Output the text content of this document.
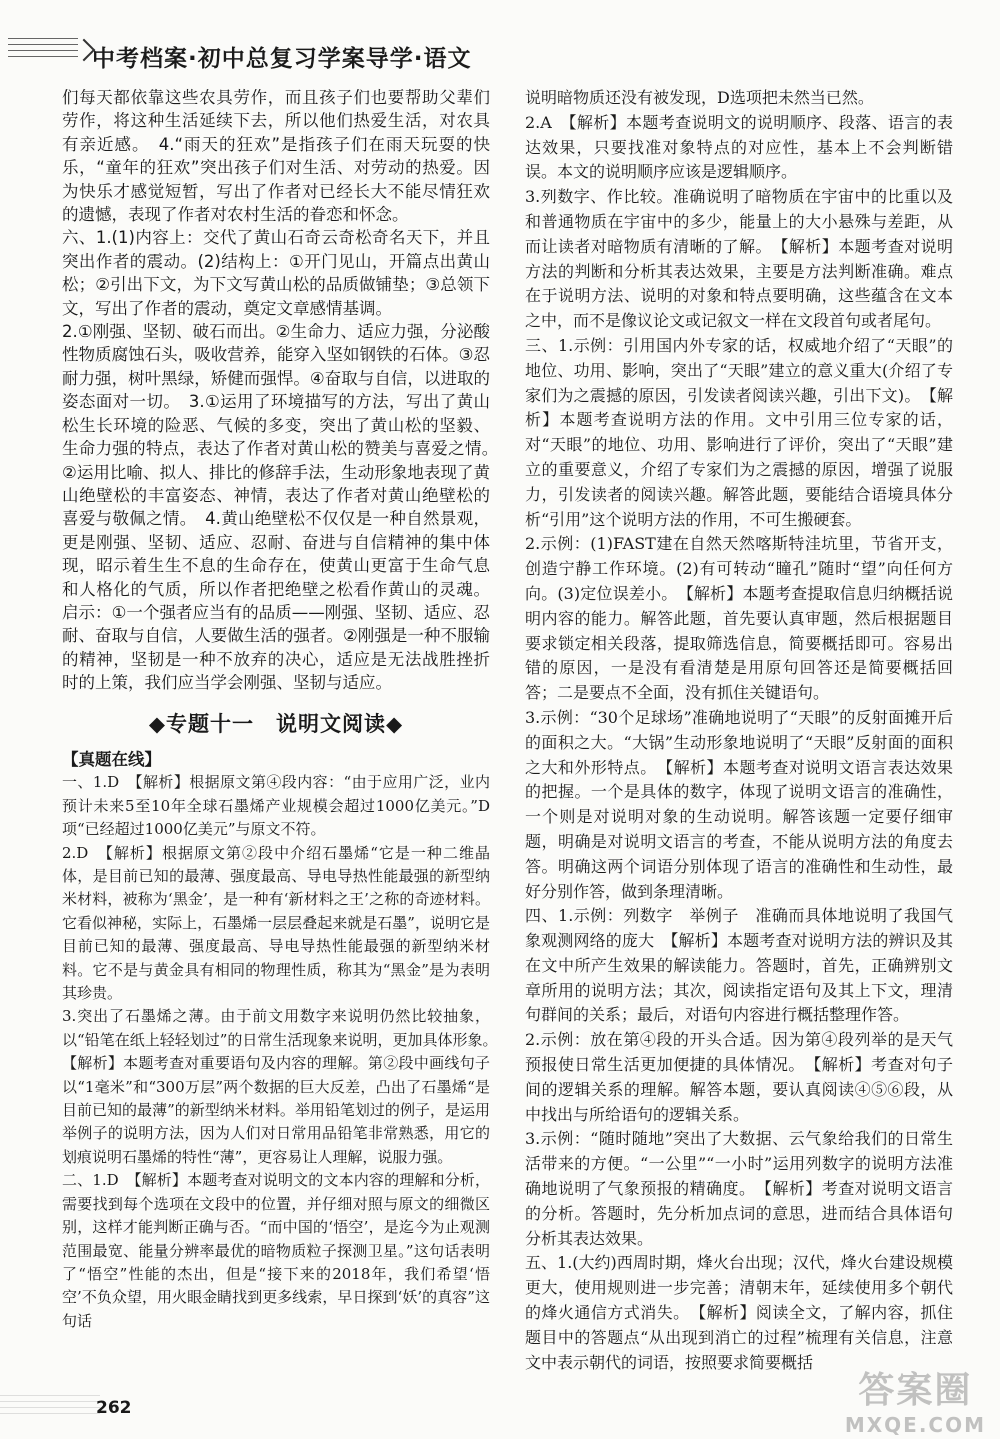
中考档案·初中总复习学案导学·语文

们每天都依靠这些农具劳作，而且孩子们也要帮助父辈们劳作，将这种生活延续下去，所以他们热爱生活，对农具有亲近感。　4.“雨天的狂欢”是指孩子们在雨天玩耍的快乐，“童年的狂欢”突出孩子们对生活、对劳动的热爱。因为快乐才感觉短暂，写出了作者对已经长大不能尽情狂欢的遗憾，表现了作者对农村生活的眷恋和怀念。

六、1.(1)内容上：交代了黄山石奇云奇松奇名天下，并且突出作者的震动。(2)结构上：①开门见山，开篇点出黄山松；②引出下文，为下文写黄山松的品质做铺垫；③总领下文，写出了作者的震动，奠定文章感情基调。

2.①刚强、坚韧、破石而出。②生命力、适应力强，分泌酸性物质腐蚀石头，吸收营养，能穿入坚如钢铁的石体。③忍耐力强，树叶黑绿，矫健而强悍。④奋取与自信，以进取的姿态面对一切。　3.①运用了环境描写的方法，写出了黄山松生长环境的险恶、气候的多变，突出了黄山松的坚毅、生命力强的特点，表达了作者对黄山松的赞美与喜爱之情。　②运用比喻、拟人、排比的修辞手法，生动形象地表现了黄山绝壁松的丰富姿态、神情，表达了作者对黄山绝壁松的喜爱与敬佩之情。　4.黄山绝壁松不仅仅是一种自然景观，更是刚强、坚韧、适应、忍耐、奋进与自信精神的集中体现，昭示着生生不息的生命存在，使黄山更富于生命气息和人格化的气质，所以作者把绝壁之松看作黄山的灵魂。启示：①一个强者应当有的品质——刚强、坚韧、适应、忍耐、奋取与自信，人要做生活的强者。②刚强是一种不服输的精神，坚韧是一种不放弃的决心，适应是无法战胜挫折时的上策，我们应当学会刚强、坚韧与适应。

◆专题十一　说明文阅读◆

【真题在线】

一、1.D　【解析】根据原文第④段内容：“由于应用广泛，业内预计未来5至10年全球石墨烯产业规模会超过1000亿美元。”D项“已经超过1000亿美元”与原文不符。

2.D　【解析】根据原文第②段中介绍石墨烯“它是一种二维晶体，是目前已知的最薄、强度最高、导电导热性能最强的新型纳米材料，被称为‘黑金’，是一种有‘新材料之王’之称的奇迹材料。它看似神秘，实际上，石墨烯一层层叠起来就是石墨”，说明它是目前已知的最薄、强度最高、导电导热性能最强的新型纳米材料。它不是与黄金具有相同的物理性质，称其为“黑金”是为表明其珍贵。

3.突出了石墨烯之薄。由于前文用数字来说明仍然比较抽象，以“铅笔在纸上轻轻划过”的日常生活现象来说明，更加具体形象。　【解析】本题考查对重要语句及内容的理解。第②段中画线句子以“1毫米”和“300万层”两个数据的巨大反差，凸出了石墨烯“是目前已知的最薄”的新型纳米材料。举用铅笔划过的例子，是运用举例子的说明方法，因为人们对日常用品铅笔非常熟悉，用它的划痕说明石墨烯的特性“薄”，更容易让人理解，说服力强。

二、1.D　【解析】本题考查对说明文的文本内容的理解和分析，需要找到每个选项在文段中的位置，并仔细对照与原文的细微区别，这样才能判断正确与否。“而中国的‘悟空’，是迄今为止观测范围最宽、能量分辨率最优的暗物质粒子探测卫星。”这句话表明了“悟空”性能的杰出，但是“接下来的2018年，我们希望‘悟空’不负众望，用火眼金睛找到更多线索，早日探到‘妖’的真容”这句话

说明暗物质还没有被发现，D选项把未然当已然。

2.A　【解析】本题考查说明文的说明顺序、段落、语言的表达效果，只要找准对象特点的对应性，基本上不会判断错误。本文的说明顺序应该是逻辑顺序。

3.列数字、作比较。准确说明了暗物质在宇宙中的比重以及和普通物质在宇宙中的多少，能量上的大小悬殊与差距，从而让读者对暗物质有清晰的了解。　【解析】本题考查对说明方法的判断和分析其表达效果，主要是方法判断准确。难点在于说明方法、说明的对象和特点要明确，这些蕴含在文本之中，而不是像议论文或记叙文一样在文段首句或者尾句。

三、1.示例：引用国内外专家的话，权威地介绍了“天眼”的地位、功用、影响，突出了“天眼”建立的意义重大(介绍了专家们为之震撼的原因，引发读者阅读兴趣，引出下文)。　【解析】本题考查说明方法的作用。文中引用三位专家的话，对“天眼”的地位、功用、影响进行了评价，突出了“天眼”建立的重要意义，介绍了专家们为之震撼的原因，增强了说服力，引发读者的阅读兴趣。解答此题，要能结合语境具体分析“引用”这个说明方法的作用，不可生搬硬套。

2.示例：(1)FAST建在自然天然喀斯特洼坑里，节省开支，创造宁静工作环境。(2)有可转动“瞳孔”随时“望”向任何方向。(3)定位误差小。　【解析】本题考查提取信息归纳概括说明内容的能力。解答此题，首先要认真审题，然后根据题目要求锁定相关段落，提取筛选信息，简要概括即可。容易出错的原因，一是没有看清楚是用原句回答还是简要概括回答；二是要点不全面，没有抓住关键语句。

3.示例：“30个足球场”准确地说明了“天眼”的反射面摊开后的面积之大。“大锅”生动形象地说明了“天眼”反射面的面积之大和外形特点。　【解析】本题考查对说明文语言表达效果的把握。一个是具体的数字，体现了说明文语言的准确性，一个则是对说明对象的生动说明。解答该题一定要仔细审题，明确是对说明文语言的考查，不能从说明方法的角度去答。明确这两个词语分别体现了语言的准确性和生动性，最好分别作答，做到条理清晰。

四、1.示例：列数字　举例子　准确而具体地说明了我国气象观测网络的庞大　【解析】本题考查对说明方法的辨识及其在文中所产生效果的解读能力。答题时，首先，正确辨别文章所用的说明方法；其次，阅读指定语句及其上下文，理清句群间的关系；最后，对语句内容进行概括整理作答。

2.示例：放在第④段的开头合适。因为第④段列举的是天气预报使日常生活更加便捷的具体情况。　【解析】考查对句子间的逻辑关系的理解。解答本题，要认真阅读④⑤⑥段，从中找出与所给语句的逻辑关系。

3.示例：“随时随地”突出了大数据、云气象给我们的日常生活带来的方便。“一公里”“一小时”运用列数字的说明方法准确地说明了气象预报的精确度。　【解析】考查对说明文语言的分析。答题时，先分析加点词的意思，进而结合具体语句分析其表达效果。

五、1.(大约)西周时期，烽火台出现；汉代，烽火台建设规模更大，使用规则进一步完善；清朝末年，延续使用多个朝代的烽火通信方式消失。　【解析】阅读全文，了解内容，抓住题目中的答题点“从出现到消亡的过程”梳理有关信息，注意文中表示朝代的词语，按照要求简要概括

262	答案圈
MXQE.COM
